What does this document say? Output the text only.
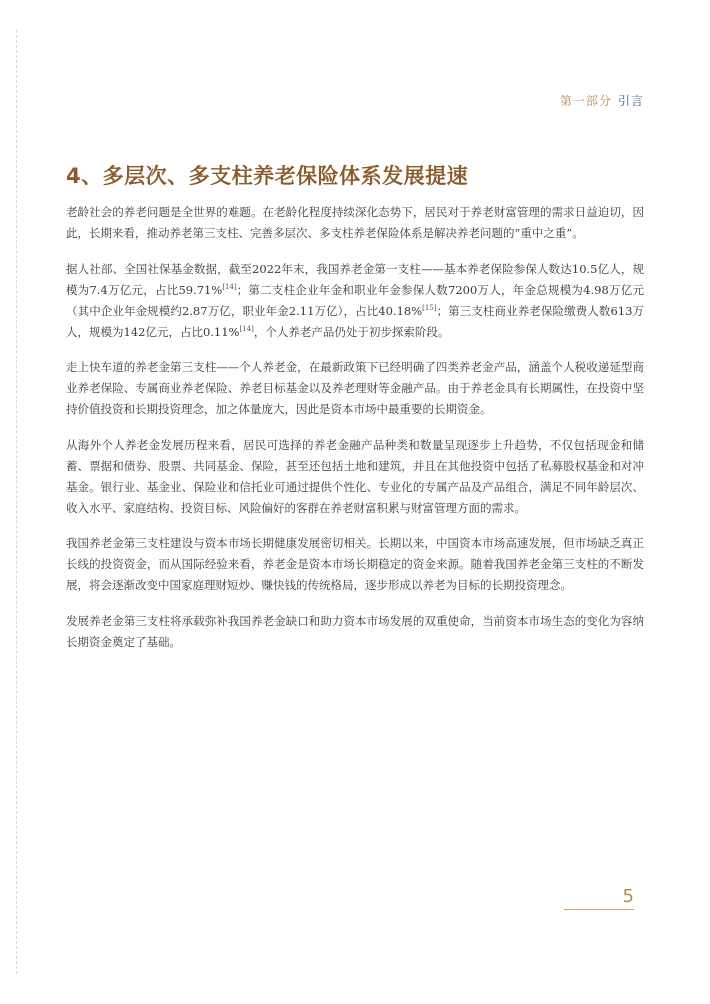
第一部分 引言
4、多层次、多支柱养老保险体系发展提速

老龄社会的养老问题是全世界的难题。在老龄化程度持续深化态势下，居民对于养老财富管理的需求日益迫切，因此，长期来看，推动养老第三支柱、完善多层次、多支柱养老保险体系是解决养老问题的“重中之重”。

据人社部、全国社保基金数据，截至2022年末，我国养老金第一支柱——基本养老保险参保人数达10.5亿人，规模为7.4万亿元，占比59.71%[14]；第二支柱企业年金和职业年金参保人数7200万人，年金总规模为4.98万亿元（其中企业年金规模约2.87万亿，职业年金2.11万亿），占比40.18%[15]；第三支柱商业养老保险缴费人数613万人，规模为142亿元，占比0.11%[14]，个人养老产品仍处于初步探索阶段。

走上快车道的养老金第三支柱——个人养老金，在最新政策下已经明确了四类养老金产品，涵盖个人税收递延型商业养老保险、专属商业养老保险、养老目标基金以及养老理财等金融产品。由于养老金具有长期属性，在投资中坚持价值投资和长期投资理念，加之体量庞大，因此是资本市场中最重要的长期资金。

从海外个人养老金发展历程来看，居民可选择的养老金融产品种类和数量呈现逐步上升趋势，不仅包括现金和储蓄、票据和债券、股票、共同基金、保险，甚至还包括土地和建筑，并且在其他投资中包括了私募股权基金和对冲基金。银行业、基金业、保险业和信托业可通过提供个性化、专业化的专属产品及产品组合，满足不同年龄层次、收入水平、家庭结构、投资目标、风险偏好的客群在养老财富积累与财富管理方面的需求。

我国养老金第三支柱建设与资本市场长期健康发展密切相关。长期以来，中国资本市场高速发展，但市场缺乏真正长线的投资资金，而从国际经验来看，养老金是资本市场长期稳定的资金来源。随着我国养老金第三支柱的不断发展，将会逐渐改变中国家庭理财短炒、赚快钱的传统格局，逐步形成以养老为目标的长期投资理念。

发展养老金第三支柱将承载弥补我国养老金缺口和助力资本市场发展的双重使命，当前资本市场生态的变化为容纳长期资金奠定了基础。

5
